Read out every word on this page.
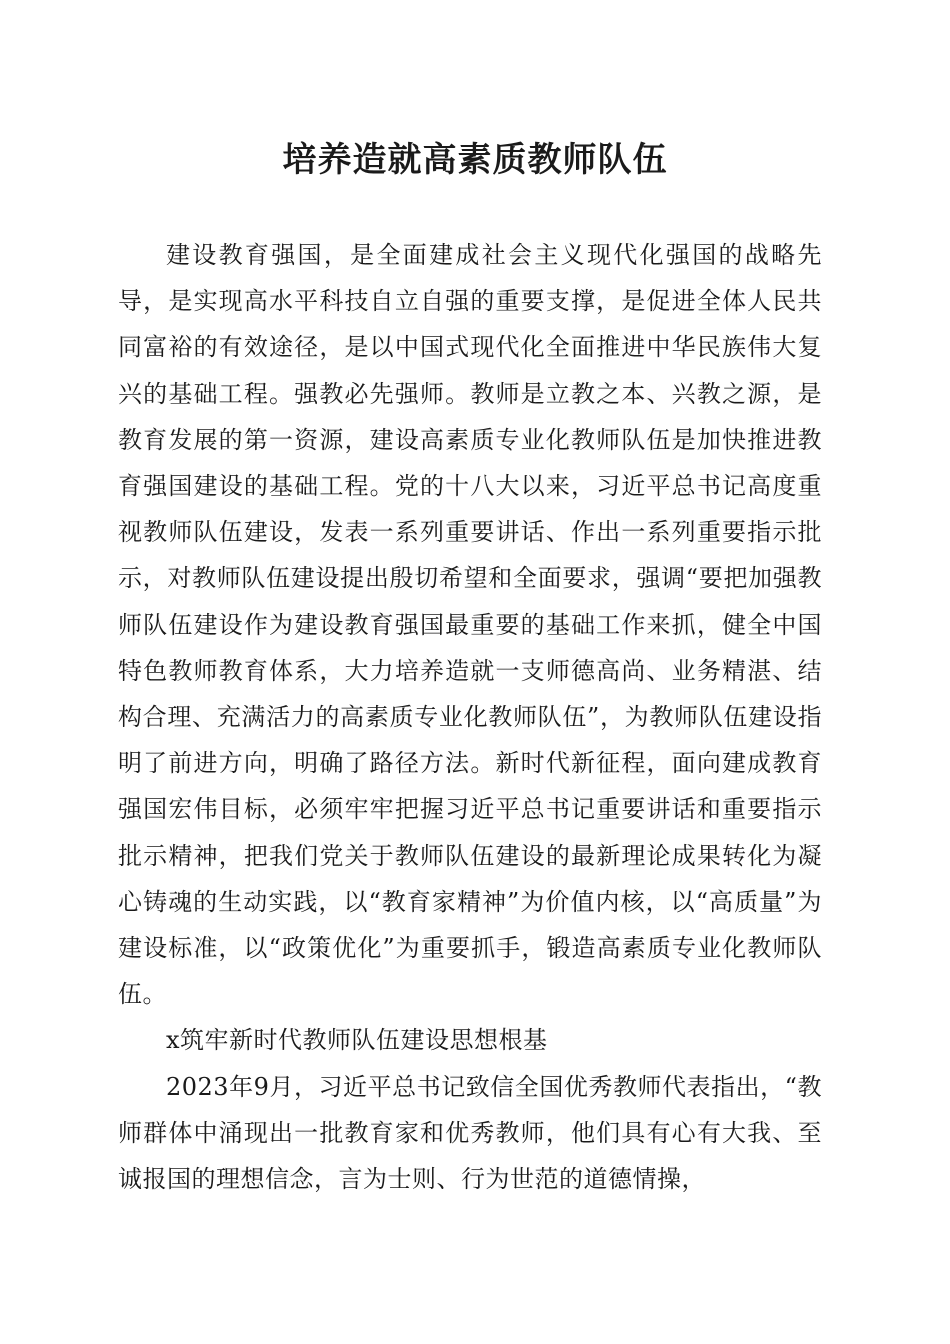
培养造就高素质教师队伍

建设教育强国，是全面建成社会主义现代化强国的战略先导，是实现高水平科技自立自强的重要支撑，是促进全体人民共同富裕的有效途径，是以中国式现代化全面推进中华民族伟大复兴的基础工程。强教必先强师。教师是立教之本、兴教之源，是教育发展的第一资源，建设高素质专业化教师队伍是加快推进教育强国建设的基础工程。党的十八大以来，习近平总书记高度重视教师队伍建设，发表一系列重要讲话、作出一系列重要指示批示，对教师队伍建设提出殷切希望和全面要求，强调“要把加强教师队伍建设作为建设教育强国最重要的基础工作来抓，健全中国特色教师教育体系，大力培养造就一支师德高尚、业务精湛、结构合理、充满活力的高素质专业化教师队伍”，为教师队伍建设指明了前进方向，明确了路径方法。新时代新征程，面向建成教育强国宏伟目标，必须牢牢把握习近平总书记重要讲话和重要指示批示精神，把我们党关于教师队伍建设的最新理论成果转化为凝心铸魂的生动实践，以“教育家精神”为价值内核，以“高质量”为建设标准，以“政策优化”为重要抓手，锻造高素质专业化教师队伍。

x筑牢新时代教师队伍建设思想根基

2023年9月，习近平总书记致信全国优秀教师代表指出，“教师群体中涌现出一批教育家和优秀教师，他们具有心有大我、至诚报国的理想信念，言为士则、行为世范的道德情操，
